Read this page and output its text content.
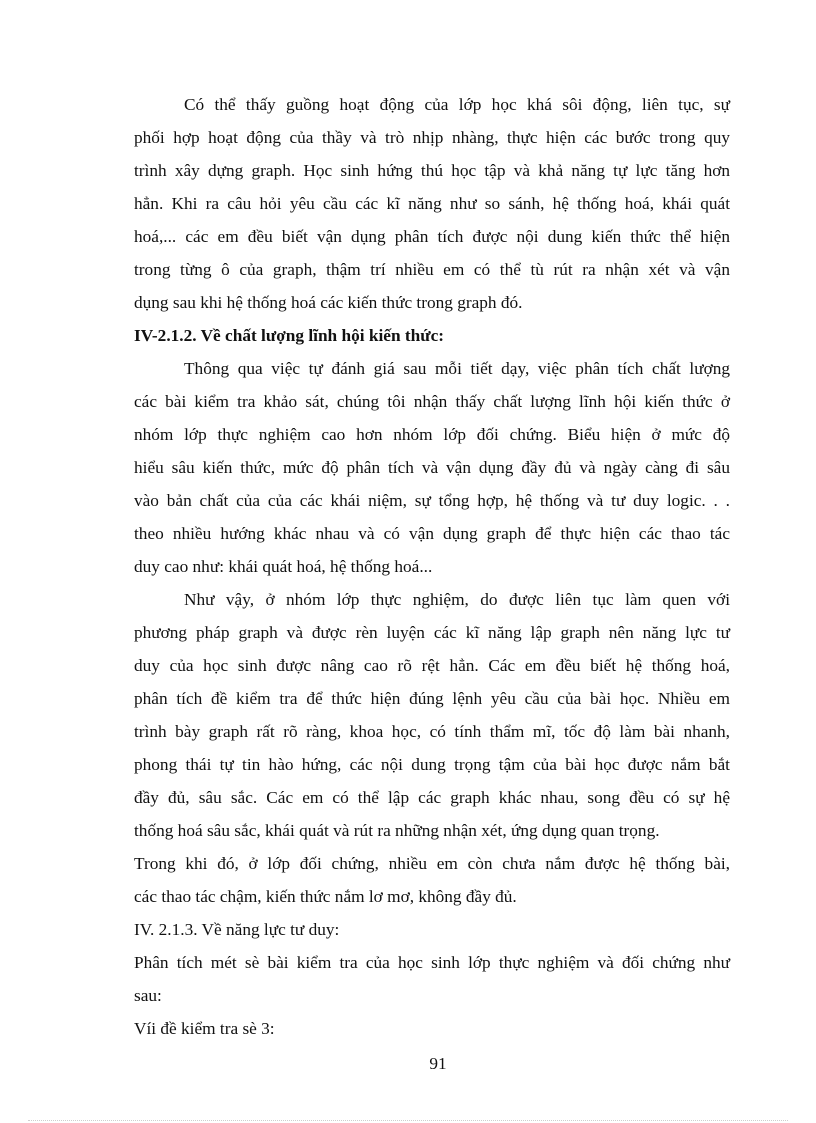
Có thể thấy guồng hoạt động của lớp học khá sôi động, liên tục, sự
phối hợp hoạt động của thầy và trò nhịp nhàng, thực hiện các bước trong quy
trình xây dựng graph. Học sinh hứng thú học tập và khả năng tự lực tăng hơn
hẳn. Khi ra câu hỏi yêu cầu các kĩ năng như so sánh, hệ thống hoá, khái quát
hoá,... các em đều biết vận dụng phân tích được nội dung kiến thức thể hiện
trong từng ô của graph, thậm trí nhiều em có thể tù rút ra nhận xét và vận
dụng sau khi hệ thống hoá các kiến thức trong graph đó.
IV-2.1.2. Về chất lượng lĩnh hội kiến thức:
Thông qua việc tự đánh giá sau mỗi tiết dạy, việc phân tích chất lượng
các bài kiểm tra khảo sát, chúng tôi nhận thấy chất lượng lĩnh hội kiến thức ở
nhóm lớp thực nghiệm cao hơn nhóm lớp đối chứng. Biểu hiện ở mức độ
hiểu sâu kiến thức, mức độ phân tích và vận dụng đầy đủ và ngày càng đi sâu
vào bản chất của của các khái niệm, sự tổng hợp, hệ thống và tư duy logic. . .
theo nhiều hướng khác nhau và có vận dụng graph để thực hiện các thao tác
duy cao như: khái quát hoá, hệ thống hoá...
Như vậy, ở nhóm lớp thực nghiệm, do được liên tục làm quen với
phương pháp graph và được rèn luyện các kĩ năng lập graph nên năng lực tư
duy của học sinh được nâng cao rõ rệt hẳn. Các em đều biết hệ thống hoá,
phân tích đề kiểm tra để thức hiện đúng lệnh yêu cầu của bài học. Nhiều em
trình bày graph rất rõ ràng, khoa học, có tính thẩm mĩ, tốc độ làm bài nhanh,
phong thái tự tin hào hứng, các nội dung trọng tậm của bài học được nắm bắt
đầy đủ, sâu sắc. Các em có thể lập các graph khác nhau, song đều có sự hệ
thống hoá sâu sắc, khái quát và rút ra những nhận xét, ứng dụng quan trọng.
Trong khi đó, ở lớp đối chứng, nhiều em còn chưa nắm được hệ thống bài,
các thao tác chậm, kiến thức nắm lơ mơ, không đầy đủ.
IV. 2.1.3. Về năng lực tư duy:
Phân tích mét sè bài kiểm tra của học sinh lớp thực nghiệm và đối chứng như
sau:
Víi đề kiểm tra sè 3:
91
